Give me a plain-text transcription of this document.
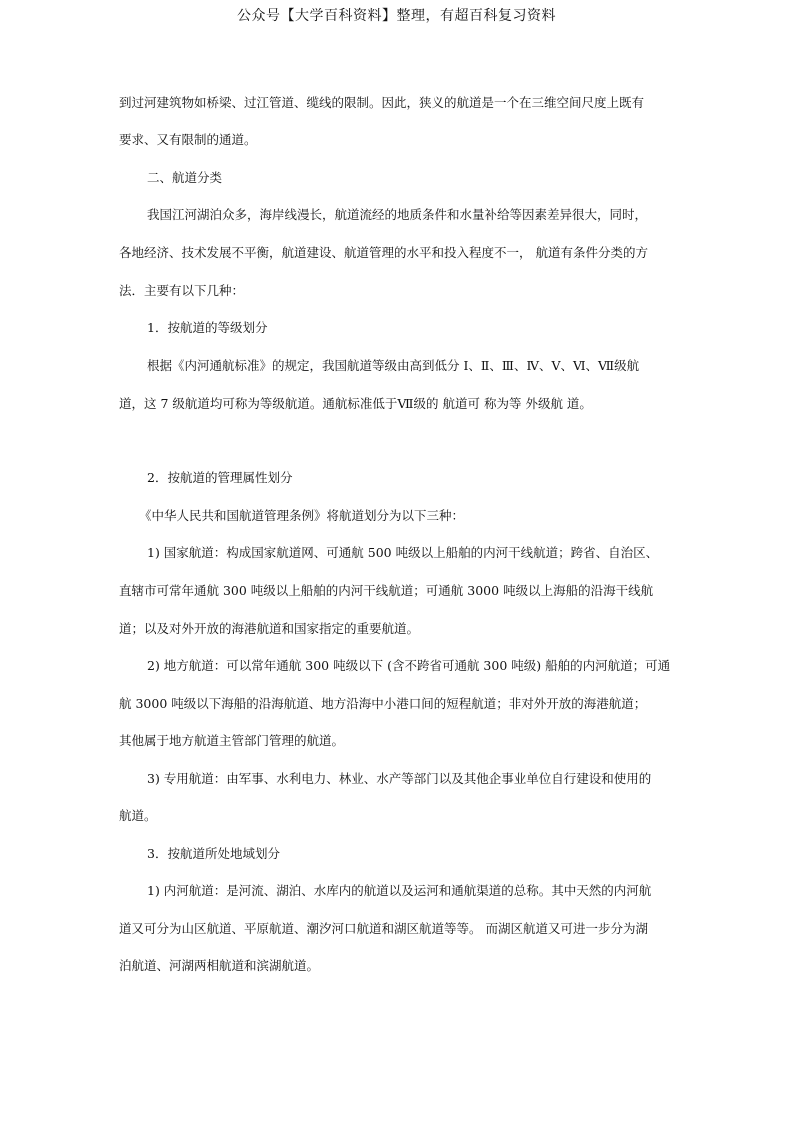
公众号【大学百科资料】整理，有超百科复习资料
到过河建筑物如桥梁、过江管道、缆线的限制。因此，狭义的航道是一个在三维空间尺度上既有
要求、又有限制的通道。
二、航道分类
我国江河湖泊众多，海岸线漫长，航道流经的地质条件和水量补给等因素差异很大，同时，
各地经济、技术发展不平衡，航道建设、航道管理的水平和投入程度不一， 航道有条件分类的方
法．主要有以下几种：
1．按航道的等级划分
根据《内河通航标准》的规定，我国航道等级由高到低分 Ⅰ、Ⅱ、Ⅲ、Ⅳ、Ⅴ、Ⅵ、Ⅶ级航
道，这 7 级航道均可称为等级航道。通航标准低于Ⅶ级的 航道可 称为等 外级航 道。
2．按航道的管理属性划分
《中华人民共和国航道管理条例》将航道划分为以下三种：
1) 国家航道：构成国家航道网、可通航 500 吨级以上船舶的内河干线航道；跨省、自治区、
直辖市可常年通航 300 吨级以上船舶的内河干线航道；可通航 3000 吨级以上海船的沿海干线航
道；以及对外开放的海港航道和国家指定的重要航道。
2) 地方航道：可以常年通航 300 吨级以下 (含不跨省可通航 300 吨级) 船舶的内河航道；可通
航 3000 吨级以下海船的沿海航道、地方沿海中小港口间的短程航道；非对外开放的海港航道；
其他属于地方航道主管部门管理的航道。
3) 专用航道：由军事、水利电力、林业、水产等部门以及其他企事业单位自行建设和使用的
航道。
3．按航道所处地域划分
1) 内河航道：是河流、湖泊、水库内的航道以及运河和通航渠道的总称。其中天然的内河航
道又可分为山区航道、平原航道、潮汐河口航道和湖区航道等等。 而湖区航道又可进一步分为湖
泊航道、河湖两相航道和滨湖航道。
